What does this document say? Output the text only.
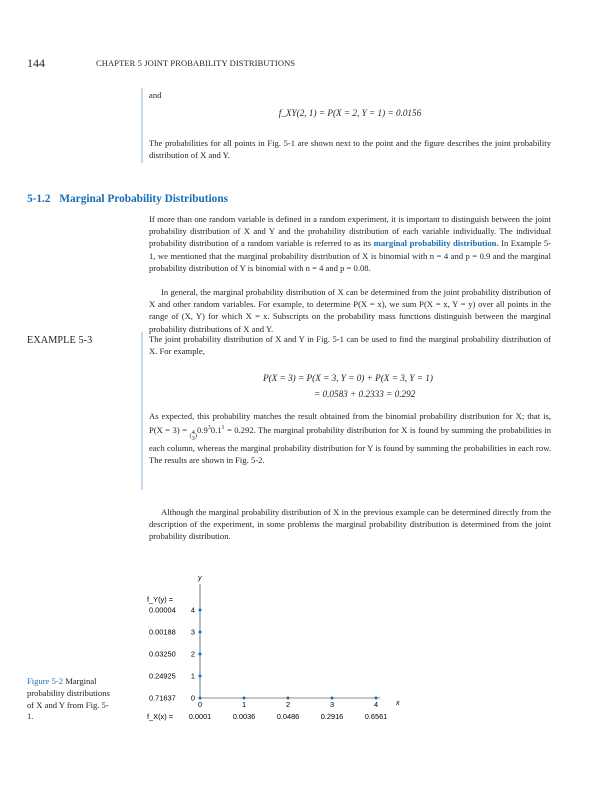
144	CHAPTER 5 JOINT PROBABILITY DISTRIBUTIONS
and
f_XY(2, 1) = P(X = 2, Y = 1) = 0.0156
The probabilities for all points in Fig. 5-1 are shown next to the point and the figure describes the joint probability distribution of X and Y.
5-1.2 Marginal Probability Distributions
If more than one random variable is defined in a random experiment, it is important to distinguish between the joint probability distribution of X and Y and the probability distribution of each variable individually. The individual probability distribution of a random variable is referred to as its marginal probability distribution. In Example 5-1, we mentioned that the marginal probability distribution of X is binomial with n = 4 and p = 0.9 and the marginal probability distribution of Y is binomial with n = 4 and p = 0.08.
In general, the marginal probability distribution of X can be determined from the joint probability distribution of X and other random variables. For example, to determine P(X = x), we sum P(X = x, Y = y) over all points in the range of (X, Y) for which X = x. Subscripts on the probability mass functions distinguish between the marginal probability distributions of X and Y.
EXAMPLE 5-3	The joint probability distribution of X and Y in Fig. 5-1 can be used to find the marginal probability distribution of X. For example,
P(X = 3) = P(X = 3, Y = 0) + P(X = 3, Y = 1)
= 0.0583 + 0.2333 = 0.292
As expected, this probability matches the result obtained from the binomial probability distribution for X; that is, P(X = 3) = ( 4
3 )$0.9^30.1^1 = 0.292$. The marginal probability distribution for X is found by summing the probabilities in each column, whereas the marginal probability distribution for Y is found by summing the probabilities in each row. The results are shown in Fig. 5-2.
Although the marginal probability distribution of X in the previous example can be determined directly from the description of the experiment, in some problems the marginal probability distribution is determined from the joint probability distribution.
Figure 5-2 Marginal probability distributions of X and Y from Fig. 5-1.
y
f_Y(y) =
x
f_X(x) =
0	1	2	3	4
0
1
2
3
4
0.71637
0.24925
0.03250
0.00188
0.00004
0.0001	0.0036	0.0486	0.2916	0.6561
